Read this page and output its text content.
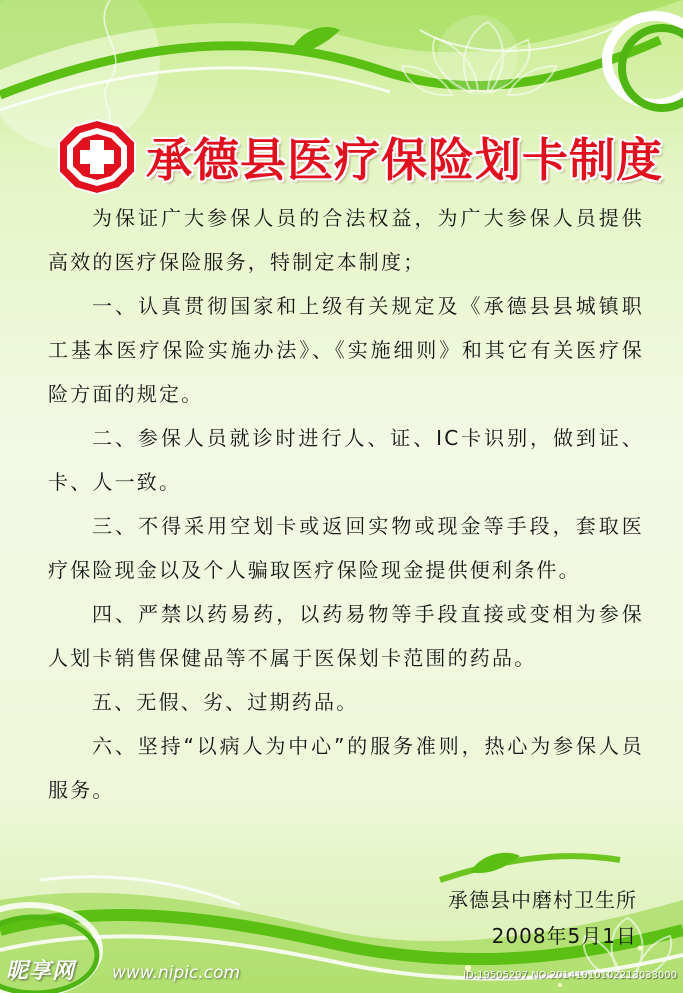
承德县医疗保险划卡制度

为保证广大参保人员的合法权益，为广大参保人员提供高效的医疗保险服务，特制定本制度；

一、认真贯彻国家和上级有关规定及《承德县县城镇职工基本医疗保险实施办法》、《实施细则》和其它有关医疗保险方面的规定。

二、参保人员就诊时进行人、证、IC卡识别，做到证、卡、人一致。

三、不得采用空划卡或返回实物或现金等手段，套取医疗保险现金以及个人骗取医疗保险现金提供便利条件。

四、严禁以药易药，以药易物等手段直接或变相为参保人划卡销售保健品等不属于医保划卡范围的药品。

五、无假、劣、过期药品。

六、坚持“以病人为中心”的服务准则，热心为参保人员服务。

承德县中磨村卫生所
2008年5月1日
昵享网 www.nipic.com	ID:19505297 NO:20141010102213033000
